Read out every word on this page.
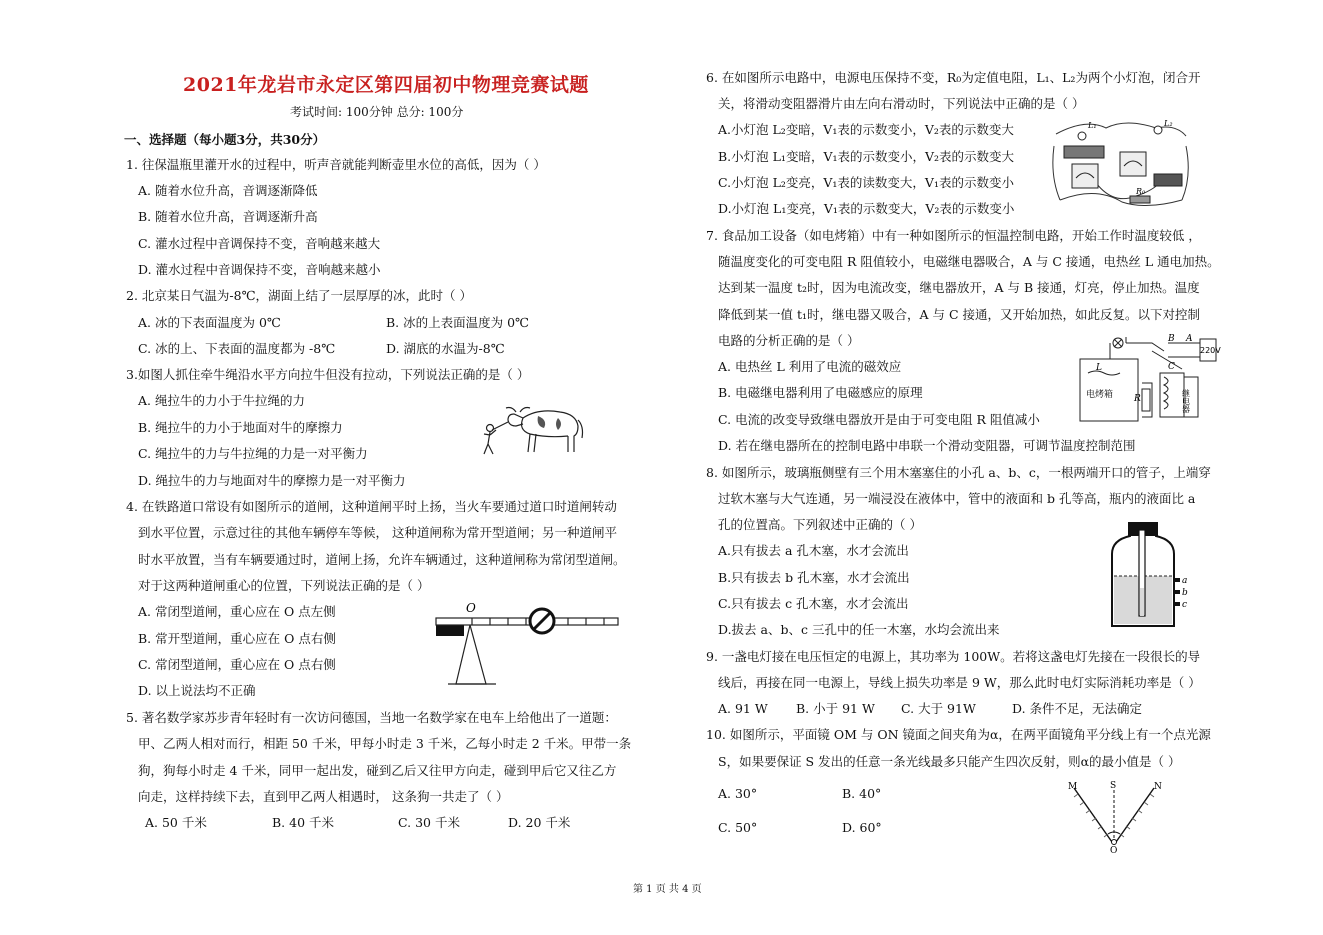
2021年龙岩市永定区第四届初中物理竞赛试题
考试时间: 100分钟 总分: 100分
一、选择题（每小题3分，共30分）
1. 往保温瓶里灌开水的过程中，听声音就能判断壶里水位的高低，因为（ ）
A. 随着水位升高，音调逐渐降低
B. 随着水位升高，音调逐渐升高
C. 灌水过程中音调保持不变，音响越来越大
D. 灌水过程中音调保持不变，音响越来越小
2. 北京某日气温为-8℃，湖面上结了一层厚厚的冰，此时（ ）
A. 冰的下表面温度为 0℃	B. 冰的上表面温度为 0℃
C. 冰的上、下表面的温度都为 -8℃	D. 湖底的水温为-8℃
3.如图人抓住牵牛绳沿水平方向拉牛但没有拉动，下列说法正确的是（ ）
A. 绳拉牛的力小于牛拉绳的力
B. 绳拉牛的力小于地面对牛的摩擦力
C. 绳拉牛的力与牛拉绳的力是一对平衡力
D. 绳拉牛的力与地面对牛的摩擦力是一对平衡力
4. 在铁路道口常设有如图所示的道闸，这种道闸平时上扬，当火车要通过道口时道闸转动
到水平位置，示意过往的其他车辆停车等候， 这种道闸称为常开型道闸；另一种道闸平
时水平放置，当有车辆要通过时，道闸上扬，允许车辆通过，这种道闸称为常闭型道闸。
对于这两种道闸重心的位置，下列说法正确的是（ ）
A. 常闭型道闸，重心应在 O 点左侧
B. 常开型道闸，重心应在 O 点右侧
C. 常闭型道闸，重心应在 O 点右侧
D. 以上说法均不正确
5. 著名数学家苏步青年轻时有一次访问德国，当地一名数学家在电车上给他出了一道题：
甲、乙两人相对而行，相距 50 千米，甲每小时走 3 千米，乙每小时走 2 千米。甲带一条
狗，狗每小时走 4 千米，同甲一起出发，碰到乙后又往甲方向走，碰到甲后它又往乙方
向走，这样持续下去，直到甲乙两人相遇时， 这条狗一共走了（ ）
A. 50 千米	B. 40 千米	C. 30 千米	D. 20 千米
6. 在如图所示电路中，电源电压保持不变，R₀为定值电阻，L₁、L₂为两个小灯泡，闭合开
关，将滑动变阻器滑片由左向右滑动时，下列说法中正确的是（ ）
A.小灯泡 L₂变暗，V₁表的示数变小，V₂表的示数变大
B.小灯泡 L₁变暗，V₁表的示数变小，V₂表的示数变大
C.小灯泡 L₂变亮，V₁表的读数变大，V₁表的示数变小
D.小灯泡 L₁变亮，V₁表的示数变大，V₂表的示数变小
7. 食品加工设备（如电烤箱）中有一种如图所示的恒温控制电路，开始工作时温度较低 ，
随温度变化的可变电阻 R 阻值较小，电磁继电器吸合，A 与 C 接通，电热丝 L 通电加热。
达到某一温度 t₂时，因为电流改变，继电器放开，A 与 B 接通，灯亮，停止加热。温度
降低到某一值 t₁时，继电器又吸合，A 与 C 接通，又开始加热，如此反复。以下对控制
电路的分析正确的是（ ）
A. 电热丝 L 利用了电流的磁效应
B. 电磁继电器利用了电磁感应的原理
C. 电流的改变导致继电器放开是由于可变电阻 R 阻值减小
D. 若在继电器所在的控制电路中串联一个滑动变阻器，可调节温度控制范围
8. 如图所示，玻璃瓶侧壁有三个用木塞塞住的小孔 a、b、c，一根两端开口的管子，上端穿
过软木塞与大气连通，另一端浸没在液体中，管中的液面和 b 孔等高，瓶内的液面比 a
孔的位置高。下列叙述中正确的（ ）
A.只有拔去 a 孔木塞，水才会流出
B.只有拔去 b 孔木塞，水才会流出
C.只有拔去 c 孔木塞，水才会流出
D.拔去 a、b、c 三孔中的任一木塞，水均会流出来
9. 一盏电灯接在电压恒定的电源上，其功率为 100W。若将这盏电灯先接在一段很长的导
线后，再接在同一电源上，导线上损失功率是 9 W，那么此时电灯实际消耗功率是（ ）
A. 91 W B. 小于 91 W C. 大于 91W	D. 条件不足，无法确定
10. 如图所示，平面镜 OM 与 ON 镜面之间夹角为α，在两平面镜角平分线上有一个点光源
S，如果要保证 S 发出的任意一条光线最多只能产生四次反射，则α的最小值是（ ）
A. 30°	B. 40°
C. 50°	D. 60°
O
L₁	L₂
R₀
电烤箱
L
R
B A
C
220V
继电器
a
b
c
M	N
S
O
第 1 页 共 4 页
